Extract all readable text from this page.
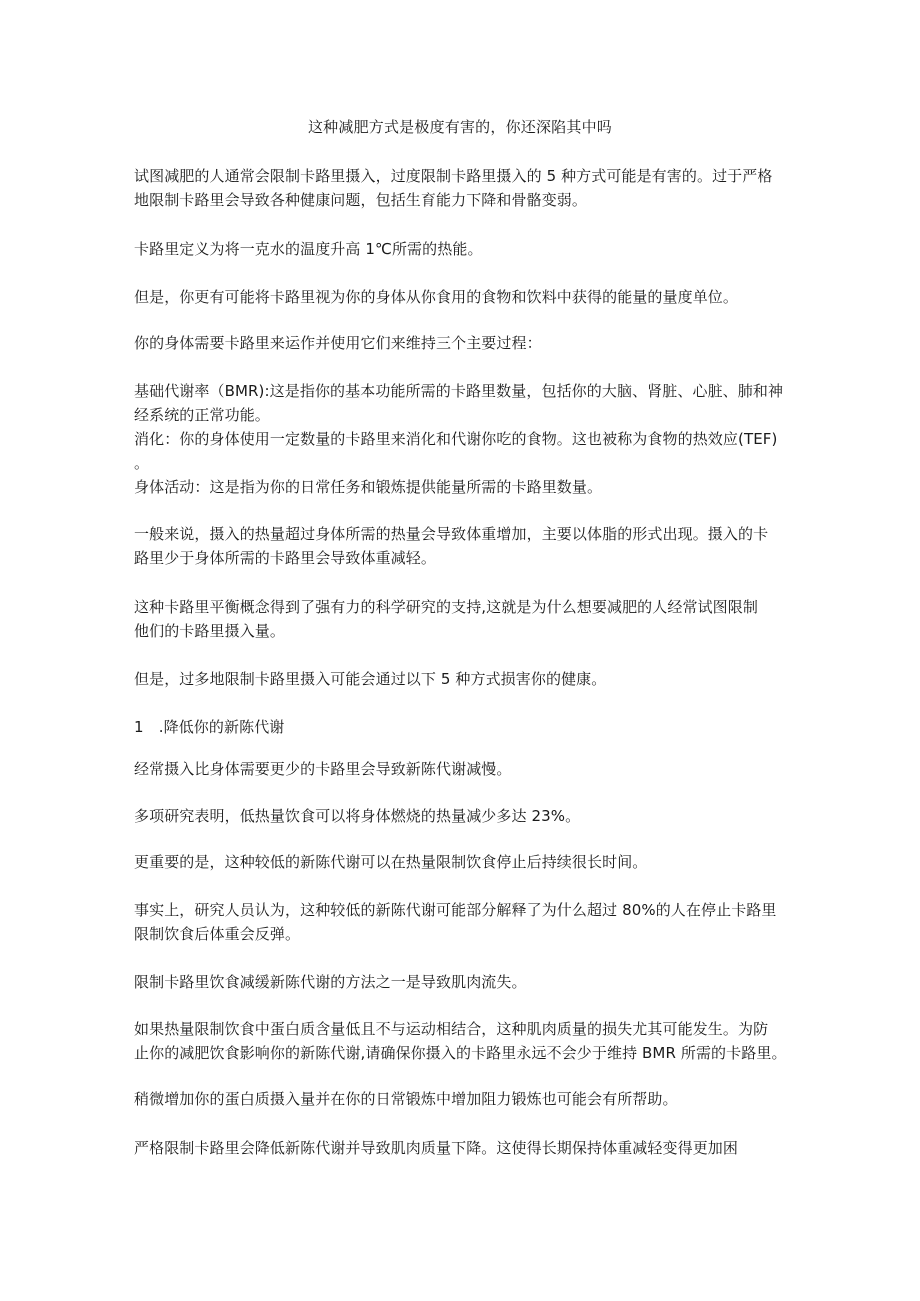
这种减肥方式是极度有害的，你还深陷其中吗
试图减肥的人通常会限制卡路里摄入，过度限制卡路里摄入的 5 种方式可能是有害的。过于严格
地限制卡路里会导致各种健康问题，包括生育能力下降和骨骼变弱。
卡路里定义为将一克水的温度升高 1℃所需的热能。
但是，你更有可能将卡路里视为你的身体从你食用的食物和饮料中获得的能量的量度单位。
你的身体需要卡路里来运作并使用它们来维持三个主要过程：
基础代谢率（BMR):这是指你的基本功能所需的卡路里数量，包括你的大脑、肾脏、心脏、肺和神
经系统的正常功能。
消化：你的身体使用一定数量的卡路里来消化和代谢你吃的食物。这也被称为食物的热效应(TEF)
。
身体活动：这是指为你的日常任务和锻炼提供能量所需的卡路里数量。
一般来说，摄入的热量超过身体所需的热量会导致体重增加，主要以体脂的形式出现。摄入的卡
路里少于身体所需的卡路里会导致体重减轻。
这种卡路里平衡概念得到了强有力的科学研究的支持,这就是为什么想要减肥的人经常试图限制
他们的卡路里摄入量。
但是，过多地限制卡路里摄入可能会通过以下 5 种方式损害你的健康。
1　.降低你的新陈代谢
经常摄入比身体需要更少的卡路里会导致新陈代谢减慢。
多项研究表明，低热量饮食可以将身体燃烧的热量减少多达 23%。
更重要的是，这种较低的新陈代谢可以在热量限制饮食停止后持续很长时间。
事实上，研究人员认为，这种较低的新陈代谢可能部分解释了为什么超过 80%的人在停止卡路里
限制饮食后体重会反弹。
限制卡路里饮食减缓新陈代谢的方法之一是导致肌肉流失。
如果热量限制饮食中蛋白质含量低且不与运动相结合，这种肌肉质量的损失尤其可能发生。为防
止你的减肥饮食影响你的新陈代谢,请确保你摄入的卡路里永远不会少于维持 BMR 所需的卡路里。
稍微增加你的蛋白质摄入量并在你的日常锻炼中增加阻力锻炼也可能会有所帮助。
严格限制卡路里会降低新陈代谢并导致肌肉质量下降。这使得长期保持体重减轻变得更加困
